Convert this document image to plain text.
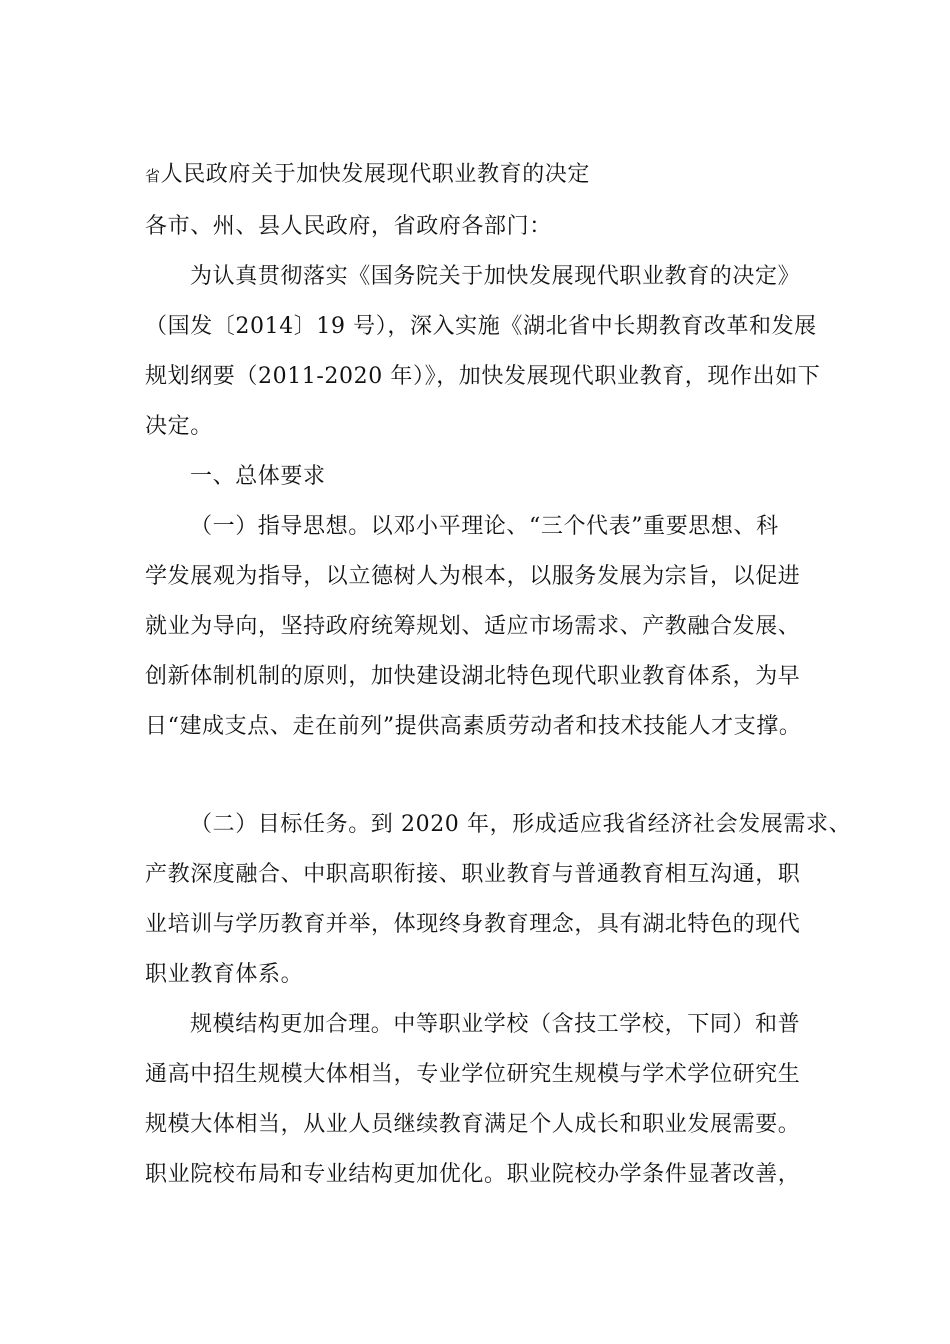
省人民政府关于加快发展现代职业教育的决定
各市、州、县人民政府，省政府各部门：
为认真贯彻落实《国务院关于加快发展现代职业教育的决定》
（国发〔2014〕19 号），深入实施《湖北省中长期教育改革和发展
规划纲要（2011-2020 年）》，加快发展现代职业教育，现作出如下
决定。
一、总体要求
（一）指导思想。以邓小平理论、“三个代表”重要思想、科
学发展观为指导，以立德树人为根本，以服务发展为宗旨，以促进
就业为导向，坚持政府统筹规划、适应市场需求、产教融合发展、
创新体制机制的原则，加快建设湖北特色现代职业教育体系，为早
日“建成支点、走在前列”提供高素质劳动者和技术技能人才支撑。
（二）目标任务。到 2020 年，形成适应我省经济社会发展需求、
产教深度融合、中职高职衔接、职业教育与普通教育相互沟通，职
业培训与学历教育并举，体现终身教育理念，具有湖北特色的现代
职业教育体系。
规模结构更加合理。中等职业学校（含技工学校，下同）和普
通高中招生规模大体相当，专业学位研究生规模与学术学位研究生
规模大体相当，从业人员继续教育满足个人成长和职业发展需要。
职业院校布局和专业结构更加优化。职业院校办学条件显著改善，
